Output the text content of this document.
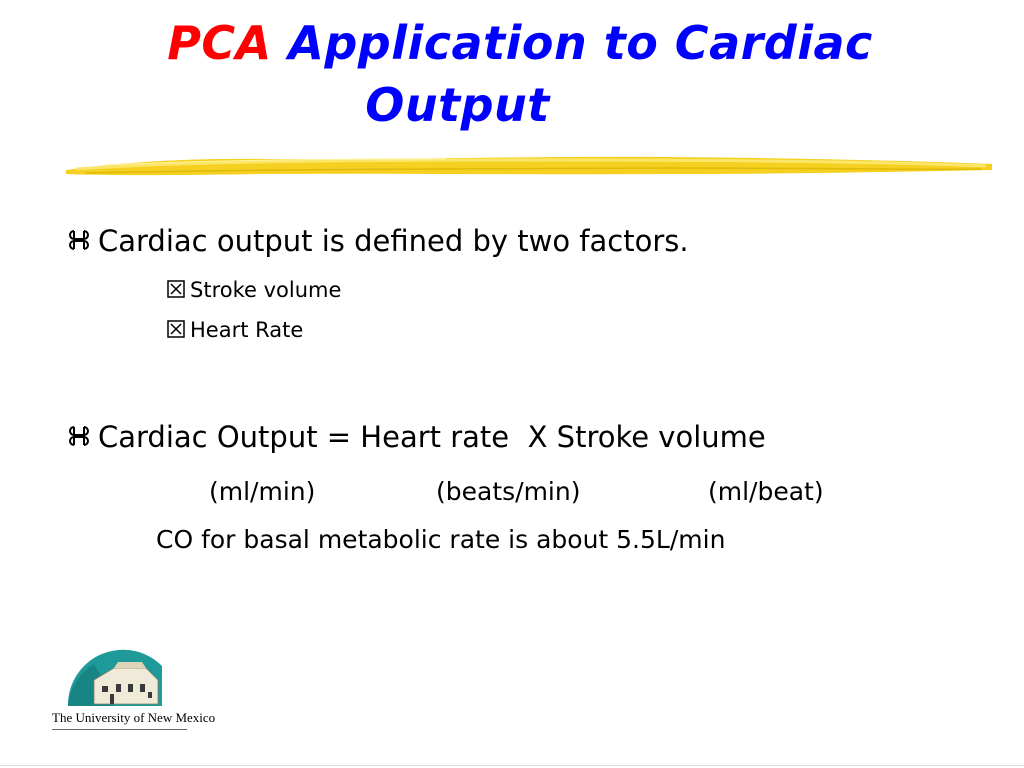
PCA Application to Cardiac
Output
Cardiac output is defined by two factors.
Stroke volume
Heart Rate
Cardiac Output = Heart rate  X Stroke volume
(ml/min)	(beats/min)	(ml/beat)
CO for basal metabolic rate is about 5.5L/min
The University of New Mexico
